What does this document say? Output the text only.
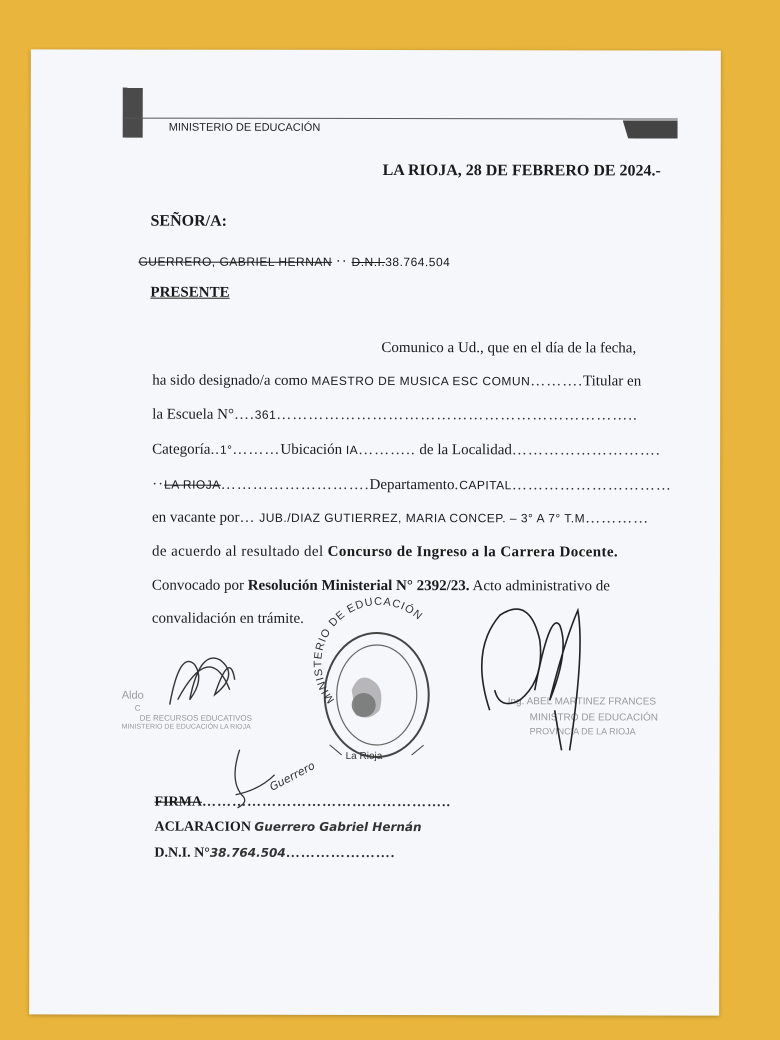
MINISTERIO DE EDUCACIÓN
LA RIOJA, 28 DE FEBRERO DE 2024.-
SEÑOR/A:
GUERRERO, GABRIEL HERNAN ·· D.N.I.38.764.504
PRESENTE
Comunico a Ud., que en el día de la fecha,
ha sido designado/a como MAESTRO DE MUSICA ESC COMUN……….Titular en
la Escuela N°….361…………………………………………………………..
Categoría..1°………Ubicación IA……….. de la Localidad……………………….
··LA RIOJA……………………….Departamento.CAPITAL…………………………
en vacante por… JUB./DIAZ GUTIERREZ, MARIA CONCEP. – 3° A 7° T.M…………
de acuerdo al resultado del Concurso de Ingreso a la Carrera Docente.
Convocado por Resolución Ministerial N° 2392/23. Acto administrativo de
convalidación en trámite.
Aldo
C
DE RECURSOS EDUCATIVOS
MINISTERIO DE EDUCACIÓN LA RIOJA
Ing. ABEL MARTINEZ FRANCES
MINISTRO DE EDUCACIÓN
PROVINCIA DE LA RIOJA
MINISTERIO DE EDUCACIÓN
La Rioja
Guerrero
FIRMA…………………………………………..
ACLARACION Guerrero Gabriel Hernán
D.N.I. N°38.764.504………………….
